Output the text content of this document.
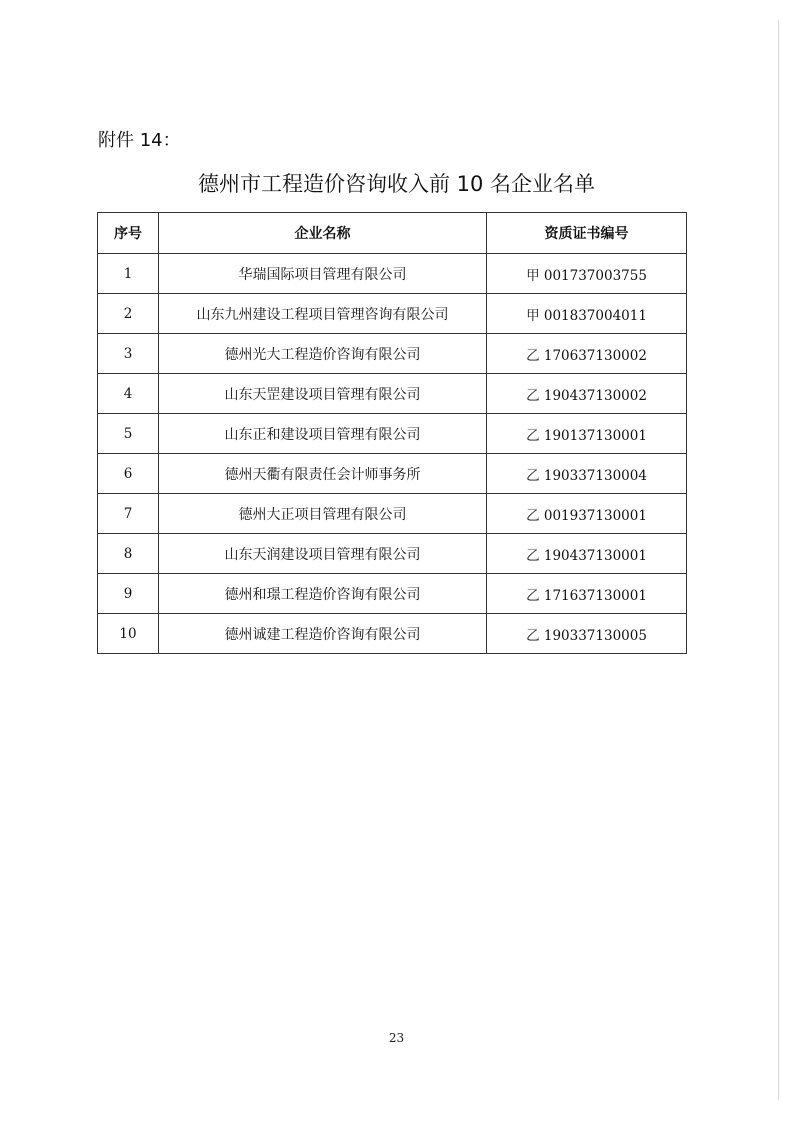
附件 14：
德州市工程造价咨询收入前 10 名企业名单
序号	企业名称	资质证书编号
1	华瑞国际项目管理有限公司	甲 001737003755
2	山东九州建设工程项目管理咨询有限公司	甲 001837004011
3	德州光大工程造价咨询有限公司	乙 170637130002
4	山东天罡建设项目管理有限公司	乙 190437130002
5	山东正和建设项目管理有限公司	乙 190137130001
6	德州天衢有限责任会计师事务所	乙 190337130004
7	德州大正项目管理有限公司	乙 001937130001
8	山东天润建设项目管理有限公司	乙 190437130001
9	德州和璟工程造价咨询有限公司	乙 171637130001
10	德州诚建工程造价咨询有限公司	乙 190337130005
23
